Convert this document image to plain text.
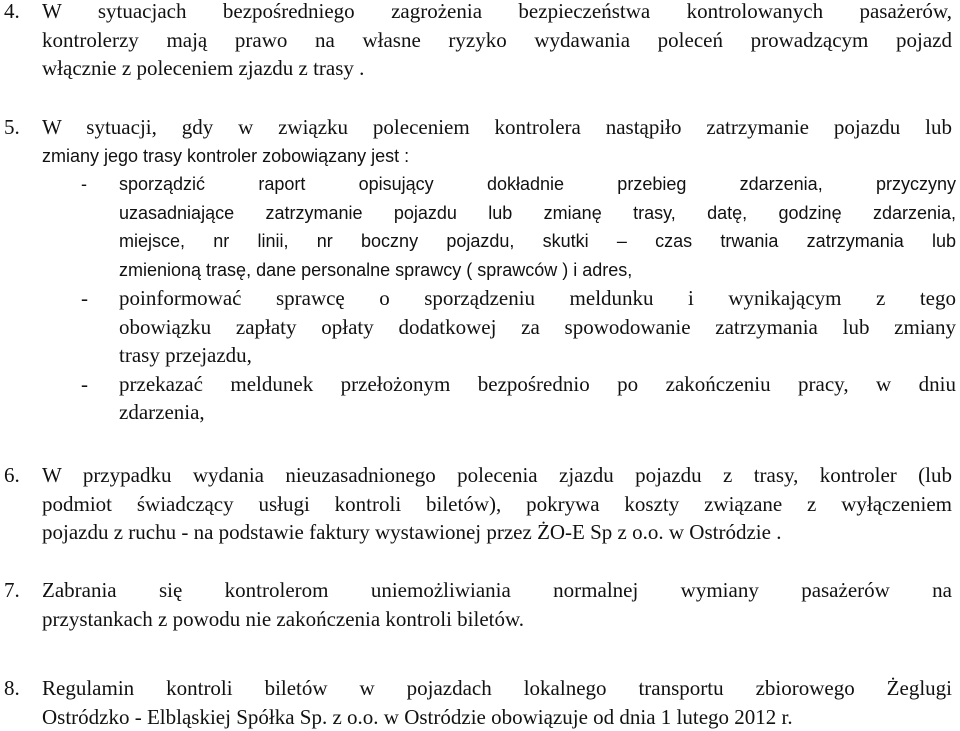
4. W sytuacjach bezpośredniego zagrożenia bezpieczeństwa kontrolowanych pasażerów,
kontrolerzy mają prawo na własne ryzyko wydawania poleceń prowadzącym pojazd
włącznie z poleceniem zjazdu z trasy .
5. W sytuacji, gdy w związku poleceniem kontrolera nastąpiło zatrzymanie pojazdu lub
zmiany jego trasy kontroler zobowiązany jest :
- sporządzić raport opisujący dokładnie przebieg zdarzenia, przyczyny
uzasadniające zatrzymanie pojazdu lub zmianę trasy, datę, godzinę zdarzenia,
miejsce, nr linii, nr boczny pojazdu, skutki – czas trwania zatrzymania lub
zmienioną trasę, dane personalne sprawcy ( sprawców ) i adres,
- poinformować sprawcę o sporządzeniu meldunku i wynikającym z tego
obowiązku zapłaty opłaty dodatkowej za spowodowanie zatrzymania lub zmiany
trasy przejazdu,
- przekazać meldunek przełożonym bezpośrednio po zakończeniu pracy, w dniu
zdarzenia,
6. W przypadku wydania nieuzasadnionego polecenia zjazdu pojazdu z trasy, kontroler (lub
podmiot świadczący usługi kontroli biletów), pokrywa koszty związane z wyłączeniem
pojazdu z ruchu - na podstawie faktury wystawionej przez ŻO-E Sp z o.o. w Ostródzie .
7. Zabrania się kontrolerom uniemożliwiania normalnej wymiany pasażerów na
przystankach z powodu nie zakończenia kontroli biletów.
8. Regulamin kontroli biletów w pojazdach lokalnego transportu zbiorowego Żeglugi
Ostródzko - Elbląskiej Spółka Sp. z o.o. w Ostródzie obowiązuje od dnia 1 lutego 2012 r.
